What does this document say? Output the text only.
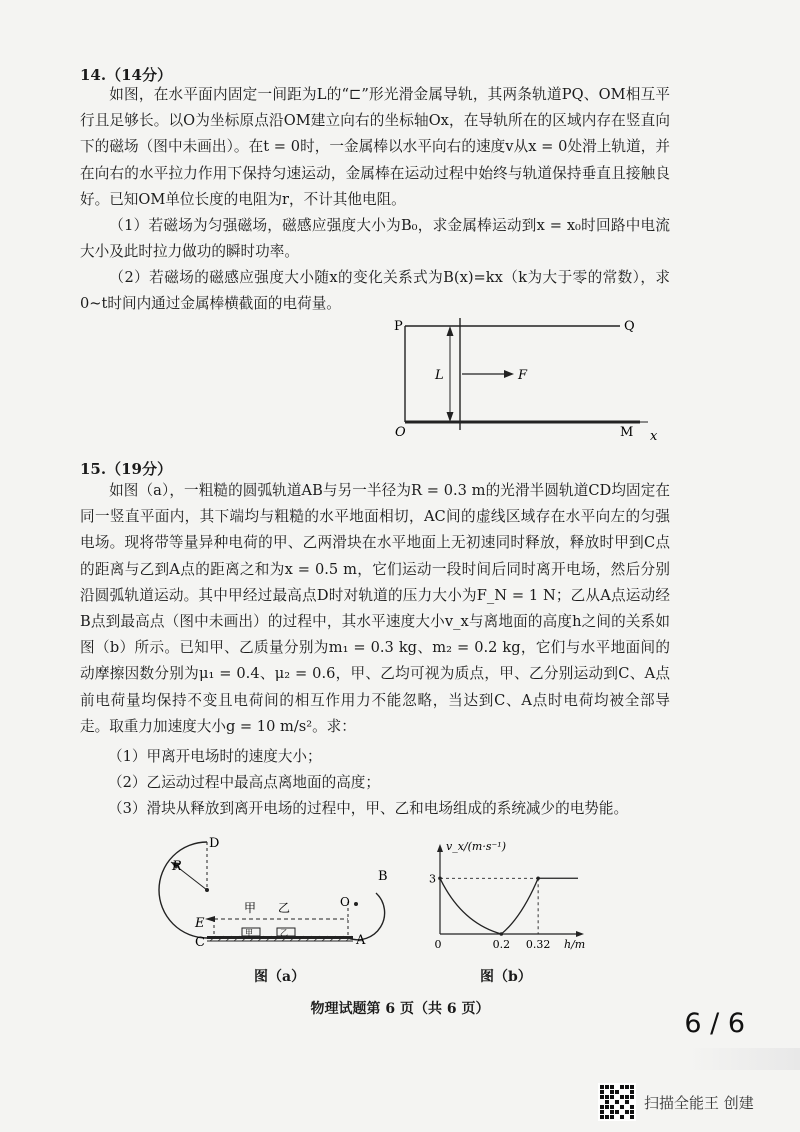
14.（14分）
如图，在水平面内固定一间距为L的“⊏”形光滑金属导轨，其两条轨道PQ、OM相互平行且足够长。以O为坐标原点沿OM建立向右的坐标轴Ox，在导轨所在的区域内存在竖直向下的磁场（图中未画出）。在t = 0时，一金属棒以水平向右的速度v从x = 0处滑上轨道，并在向右的水平拉力作用下保持匀速运动，金属棒在运动过程中始终与轨道保持垂直且接触良好。已知OM单位长度的电阻为r，不计其他电阻。
（1）若磁场为匀强磁场，磁感应强度大小为B₀，求金属棒运动到x = x₀时回路中电流大小及此时拉力做功的瞬时功率。
（2）若磁场的磁感应强度大小随x的变化关系式为B(x)=kx（k为大于零的常数），求0~t时间内通过金属棒横截面的电荷量。
P	Q
L	F
O	M x
15.（19分）
如图（a），一粗糙的圆弧轨道AB与另一半径为R = 0.3 m的光滑半圆轨道CD均固定在同一竖直平面内，其下端均与粗糙的水平地面相切，AC间的虚线区域存在水平向左的匀强电场。现将带等量异种电荷的甲、乙两滑块在水平地面上无初速同时释放，释放时甲到C点的距离与乙到A点的距离之和为x = 0.5 m，它们运动一段时间后同时离开电场，然后分别沿圆弧轨道运动。其中甲经过最高点D时对轨道的压力大小为F_N = 1 N；乙从A点运动经B点到最高点（图中未画出）的过程中，其水平速度大小v_x与离地面的高度h之间的关系如图（b）所示。已知甲、乙质量分别为m₁ = 0.3 kg、m₂ = 0.2 kg，它们与水平地面间的动摩擦因数分别为μ₁ = 0.4、μ₂ = 0.6，甲、乙均可视为质点，甲、乙分别运动到C、A点前电荷量均保持不变且电荷间的相互作用力不能忽略，当达到C、A点时电荷均被全部导走。取重力加速度大小g = 10 m/s²。求：
（1）甲离开电场时的速度大小；
（2）乙运动过程中最高点离地面的高度；
（3）滑块从释放到离开电场的过程中，甲、乙和电场组成的系统减少的电势能。
甲	乙
D
R
B
O
甲 乙
E
C	A
图（a）
v_x/(m·s⁻¹)
3
0	0.2 0.32 h/m
图（b）
物理试题第 6 页（共 6 页）	6 / 6
扫描全能王 创建
